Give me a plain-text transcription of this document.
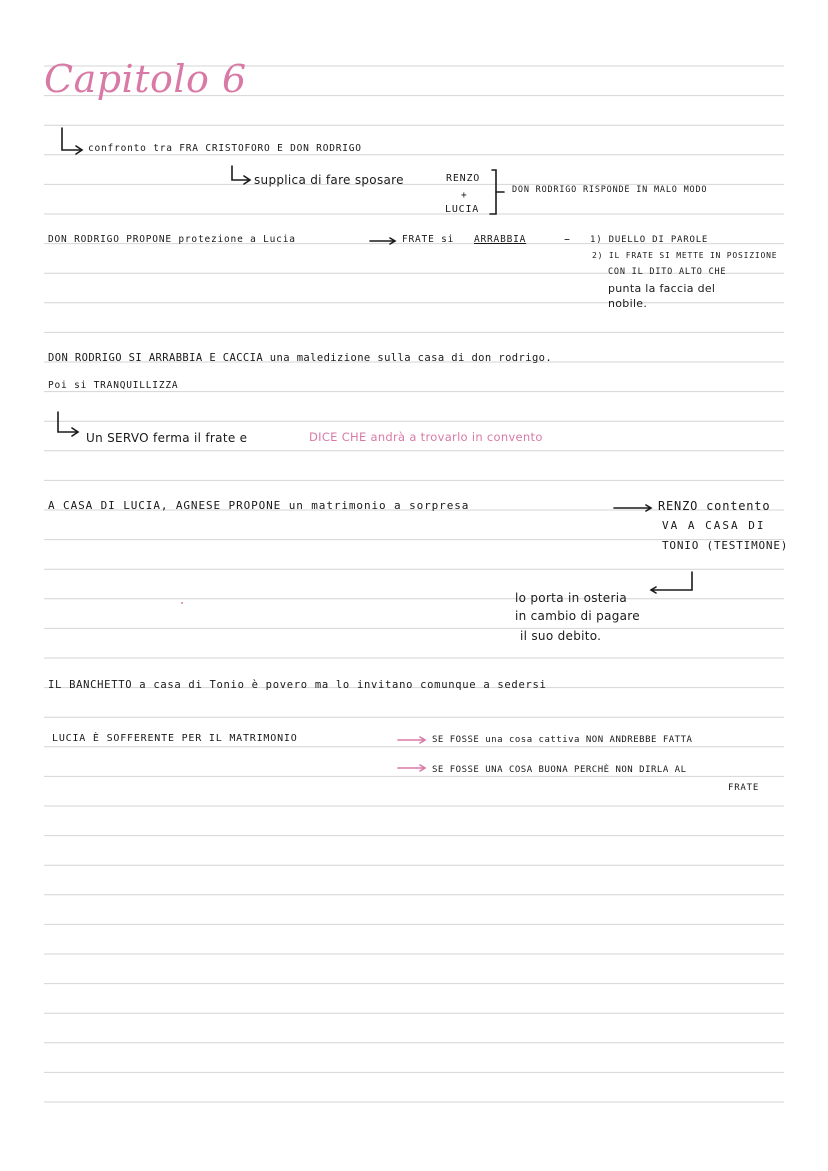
Capitolo 6
confronto tra FRA CRISTOFORO E DON RODRIGO
supplica di fare sposare	RENZO
+
LUCIA
DON RODRIGO RISPONDE IN MALO MODO
DON RODRIGO PROPONE protezione a Lucia	FRATE si ARRABBIA	– 1) DUELLO DI PAROLE
2) IL FRATE SI METTE IN POSIZIONE
CON IL DITO ALTO CHE
punta la faccia del
nobile.
DON RODRIGO SI ARRABBIA E CACCIA una maledizione sulla casa di don rodrigo.
Poi si TRANQUILLIZZA
Un SERVO ferma il frate e	DICE CHE andrà a trovarlo in convento
A CASA DI LUCIA, AGNESE PROPONE un matrimonio a sorpresa	RENZO contento
VA A CASA DI
TONIO (TESTIMONE)
lo porta in osteria
in cambio di pagare
il suo debito.
IL BANCHETTO a casa di Tonio è povero ma lo invitano comunque a sedersi
LUCIA È SOFFERENTE PER IL MATRIMONIO	SE FOSSE una cosa cattiva NON ANDREBBE FATTA
SE FOSSE UNA COSA BUONA PERCHÈ NON DIRLA AL
FRATE
